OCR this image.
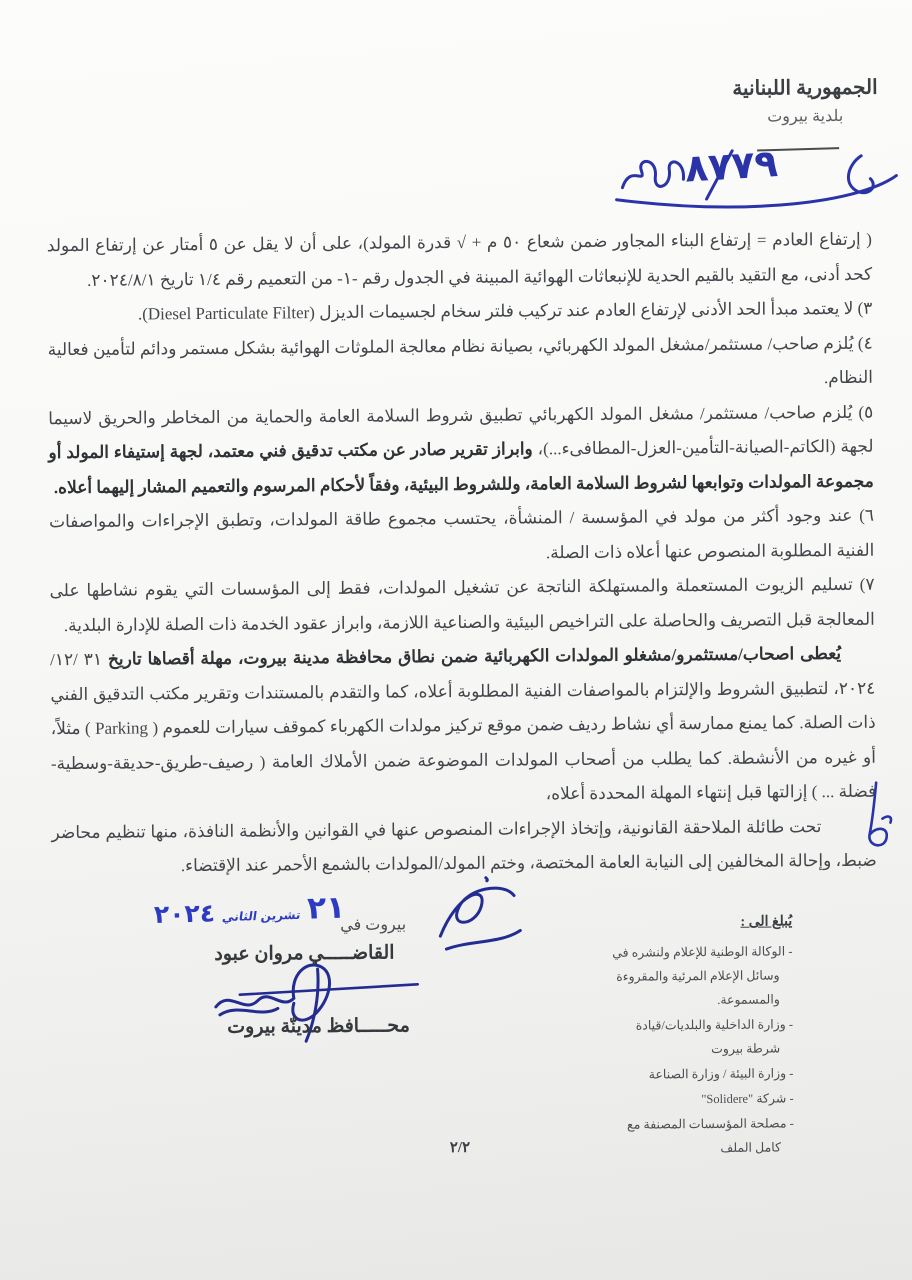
الجمهورية اللبنانية
بلدية بيروت
٨٧٧٩

( إرتفاع العادم = إرتفاع البناء المجاور ضمن شعاع ٥٠ م + √ قدرة المولد)، على أن لا يقل عن ٥ أمتار عن إرتفاع المولد كحد أدنى، مع التقيد بالقيم الحدية للإنبعاثات الهوائية المبينة في الجدول رقم -١- من التعميم رقم ١/٤ تاريخ ٢٠٢٤/٨/١.

٣) لا يعتمد مبدأ الحد الأدنى لإرتفاع العادم عند تركيب فلتر سخام لجسيمات الديزل (Diesel Particulate Filter).

٤) يُلزم صاحب/ مستثمر/مشغل المولد الكهربائي، بصيانة نظام معالجة الملوثات الهوائية بشكل مستمر ودائم لتأمين فعالية النظام.

٥) يُلزم صاحب/ مستثمر/ مشغل المولد الكهربائي تطبيق شروط السلامة العامة والحماية من المخاطر والحريق لاسيما لجهة (الكاتم-الصيانة-التأمين-العزل-المطافىء...)، وابراز تقرير صادر عن مكتب تدقيق فني معتمد، لجهة إستيفاء المولد أو مجموعة المولدات وتوابعها لشروط السلامة العامة، وللشروط البيئية، وفقاً لأحكام المرسوم والتعميم المشار إليهما أعلاه.

٦) عند وجود أكثر من مولد في المؤسسة / المنشأة، يحتسب مجموع طاقة المولدات، وتطبق الإجراءات والمواصفات الفنية المطلوبة المنصوص عنها أعلاه ذات الصلة.

٧) تسليم الزيوت المستعملة والمستهلكة الناتجة عن تشغيل المولدات، فقط إلى المؤسسات التي يقوم نشاطها على المعالجة قبل التصريف والحاصلة على التراخيص البيئية والصناعية اللازمة، وابراز عقود الخدمة ذات الصلة للإدارة البلدية.

يُعطى اصحاب/مستثمرو/مشغلو المولدات الكهربائية ضمن نطاق محافظة مدينة بيروت، مهلة أقصاها تاريخ ٣١ /١٢/ ٢٠٢٤، لتطبيق الشروط والإلتزام بالمواصفات الفنية المطلوبة أعلاه، كما والتقدم بالمستندات وتقرير مكتب التدقيق الفني ذات الصلة. كما يمنع ممارسة أي نشاط رديف ضمن موقع تركيز مولدات الكهرباء كموقف سيارات للعموم ( Parking ) مثلاً، أو غيره من الأنشطة. كما يطلب من أصحاب المولدات الموضوعة ضمن الأملاك العامة ( رصيف-طريق-حديقة-وسطية-فضلة ... ) إزالتها قبل إنتهاء المهلة المحددة أعلاه،

تحت طائلة الملاحقة القانونية، وإتخاذ الإجراءات المنصوص عنها في القوانين والأنظمة النافذة، منها تنظيم محاضر ضبط، وإحالة المخالفين إلى النيابة العامة المختصة، وختم المولد/المولدات بالشمع الأحمر عند الإقتضاء.

٢١
تشرين الثاني
٢٠٢٤	بيروت في
القاضـــــي مروان عبود
محـــــافظ مدينّة بيروت
يُبلغ الى :
- الوكالة الوطنية للإعلام ولنشره في وسائل الإعلام المرئية والمقروءة والمسموعة.
- وزارة الداخلية والبلديات/قيادة شرطة بيروت
- وزارة البيئة / وزارة الصناعة
- شركة "Solidere"
- مصلحة المؤسسات المصنفة مع كامل الملف
٢/٢
